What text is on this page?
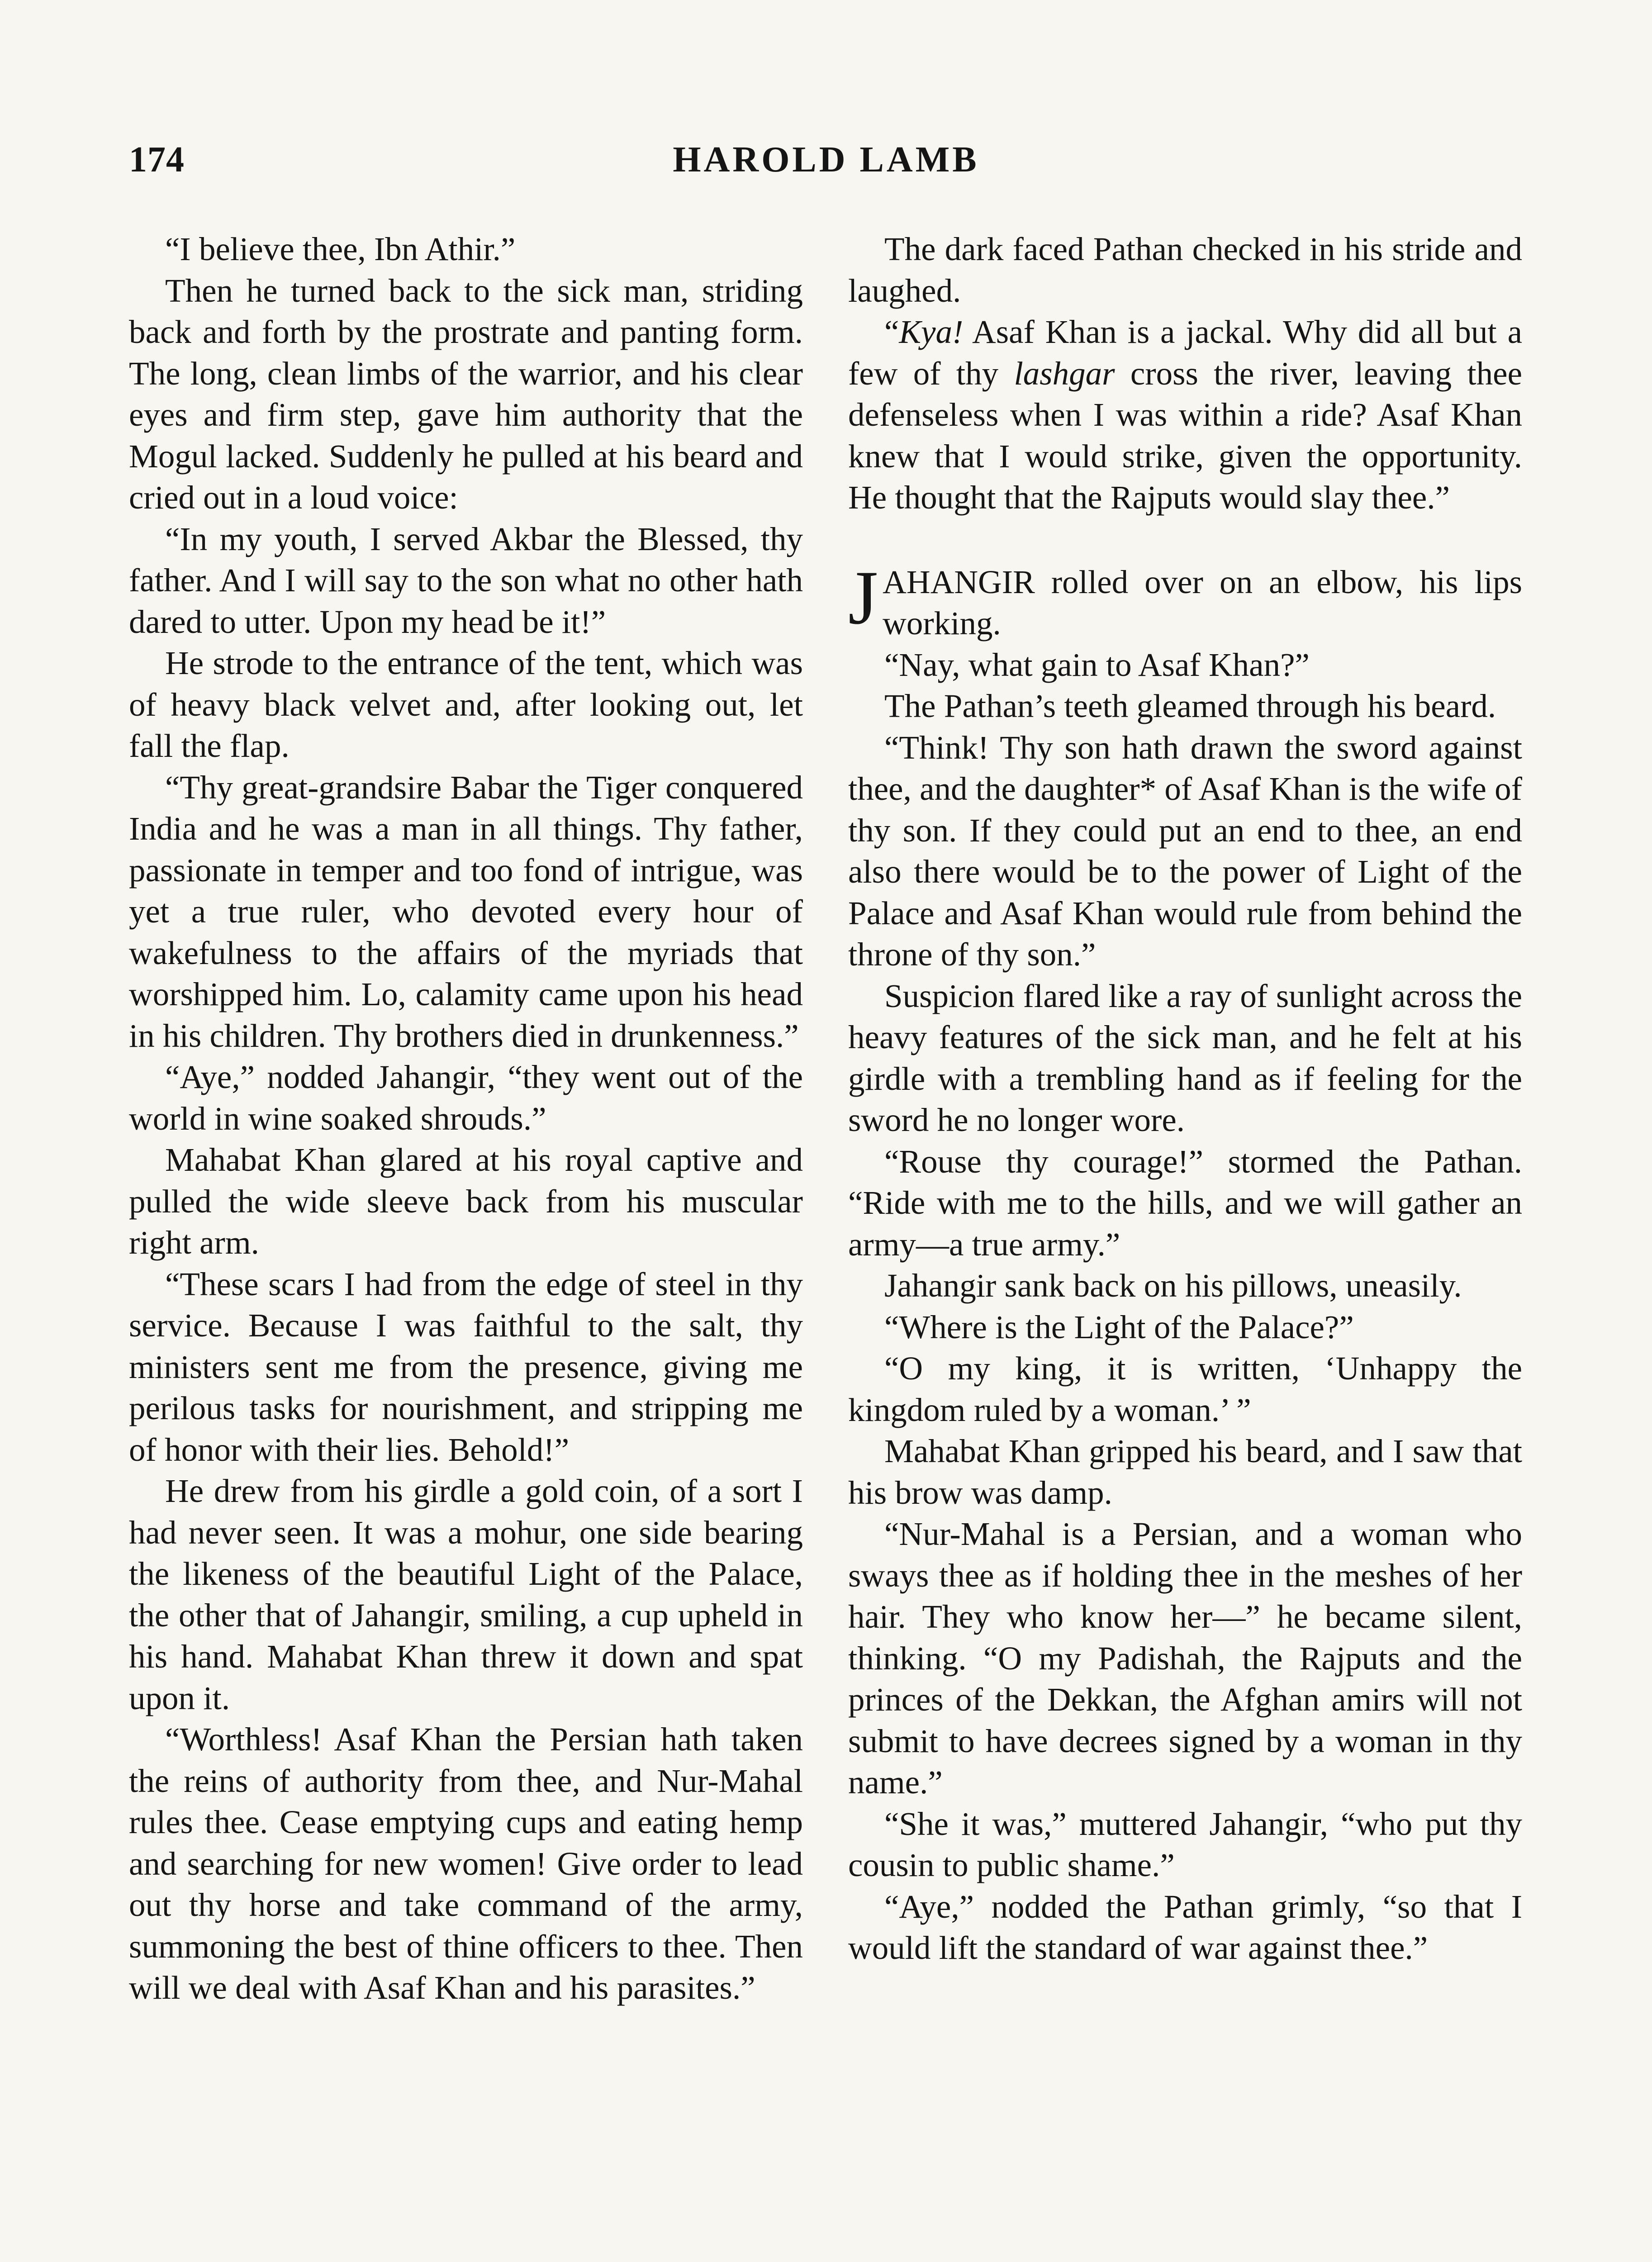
174	HAROLD LAMB

“I believe thee, Ibn Athir.”

Then he turned back to the sick man, striding back and forth by the prostrate and panting form. The long, clean limbs of the warrior, and his clear eyes and firm step, gave him authority that the Mogul lacked. Suddenly he pulled at his beard and cried out in a loud voice:

“In my youth, I served Akbar the Blessed, thy father. And I will say to the son what no other hath dared to utter. Upon my head be it!”

He strode to the entrance of the tent, which was of heavy black velvet and, after looking out, let fall the flap.

“Thy great-grandsire Babar the Tiger conquered India and he was a man in all things. Thy father, passionate in temper and too fond of intrigue, was yet a true ruler, who devoted every hour of wakefulness to the affairs of the myriads that worshipped him. Lo, calamity came upon his head in his children. Thy brothers died in drunkenness.”

“Aye,” nodded Jahangir, “they went out of the world in wine soaked shrouds.”

Mahabat Khan glared at his royal captive and pulled the wide sleeve back from his muscular right arm.

“These scars I had from the edge of steel in thy service. Because I was faithful to the salt, thy ministers sent me from the presence, giving me perilous tasks for nourishment, and stripping me of honor with their lies. Behold!”

He drew from his girdle a gold coin, of a sort I had never seen. It was a mohur, one side bearing the likeness of the beautiful Light of the Palace, the other that of Jahangir, smiling, a cup upheld in his hand. Mahabat Khan threw it down and spat upon it.

“Worthless! Asaf Khan the Persian hath taken the reins of authority from thee, and Nur-Mahal rules thee. Cease emptying cups and eating hemp and searching for new women! Give order to lead out thy horse and take command of the army, summoning the best of thine officers to thee. Then will we deal with Asaf Khan and his parasites.”

The dark faced Pathan checked in his stride and laughed.

“Kya! Asaf Khan is a jackal. Why did all but a few of thy lashgar cross the river, leaving thee defenseless when I was within a ride? Asaf Khan knew that I would strike, given the opportunity. He thought that the Rajputs would slay thee.”

JAHANGIR rolled over on an elbow, his lips working.

“Nay, what gain to Asaf Khan?”

The Pathan’s teeth gleamed through his beard.

“Think! Thy son hath drawn the sword against thee, and the daughter* of Asaf Khan is the wife of thy son. If they could put an end to thee, an end also there would be to the power of Light of the Palace and Asaf Khan would rule from behind the throne of thy son.”

Suspicion flared like a ray of sunlight across the heavy features of the sick man, and he felt at his girdle with a trembling hand as if feeling for the sword he no longer wore.

“Rouse thy courage!” stormed the Pathan. “Ride with me to the hills, and we will gather an army—a true army.”

Jahangir sank back on his pillows, uneasily.

“Where is the Light of the Palace?”

“O my king, it is written, ‘Unhappy the kingdom ruled by a woman.’ ”

Mahabat Khan gripped his beard, and I saw that his brow was damp.

“Nur-Mahal is a Persian, and a woman who sways thee as if holding thee in the meshes of her hair. They who know her—” he became silent, thinking. “O my Padishah, the Rajputs and the princes of the Dekkan, the Afghan amirs will not submit to have decrees signed by a woman in thy name.”

“She it was,” muttered Jahangir, “who put thy cousin to public shame.”

“Aye,” nodded the Pathan grimly, “so that I would lift the standard of war against thee.”
